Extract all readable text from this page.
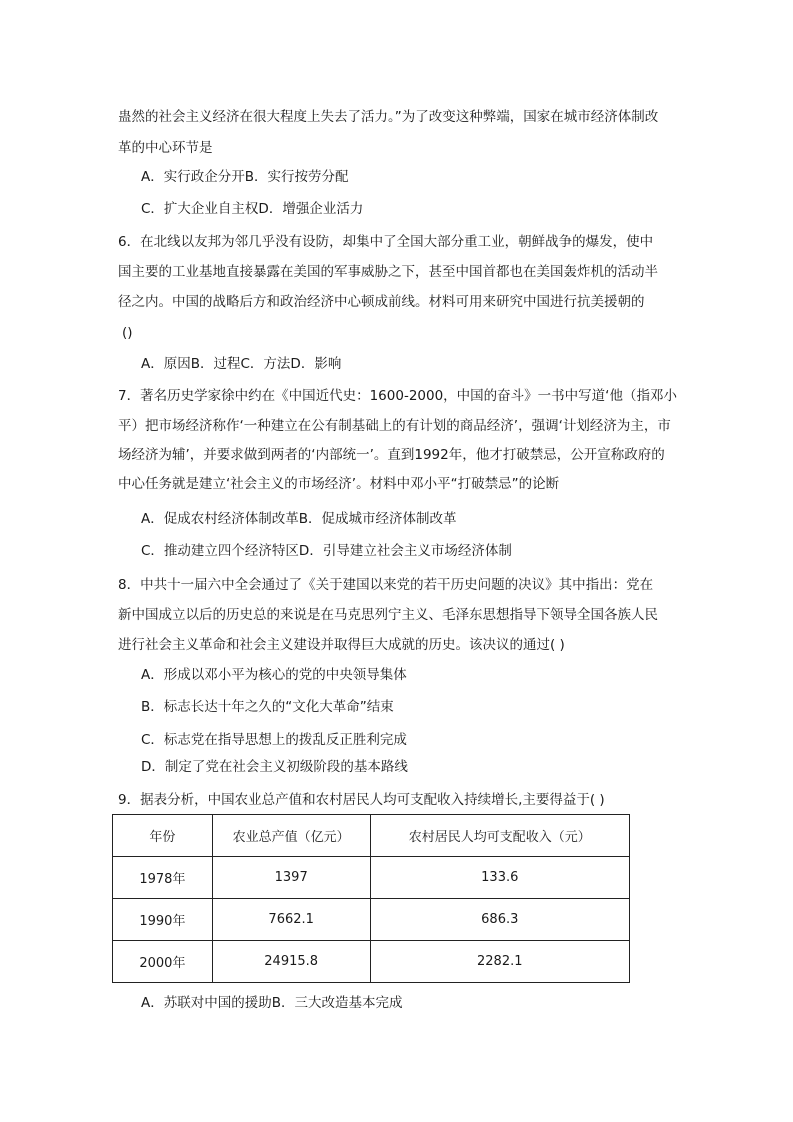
蛊然的社会主义经济在很大程度上失去了活力。”为了改变这种弊端，国家在城市经济体制改
革的中心环节是
A．实行政企分开B．实行按劳分配
C．扩大企业自主权D．增强企业活力
6．在北线以友邦为邻几乎没有设防，却集中了全国大部分重工业，朝鲜战争的爆发，使中
国主要的工业基地直接暴露在美国的军事威胁之下，甚至中国首都也在美国轰炸机的活动半
径之内。中国的战略后方和政治经济中心顿成前线。材料可用来研究中国进行抗美援朝的
()
A．原因B．过程C．方法D．影响
7．著名历史学家徐中约在《中国近代史：1600-2000，中国的奋斗》一书中写道‘他（指邓小
平）把市场经济称作‘一种建立在公有制基础上的有计划的商品经济’，强调‘计划经济为主，市
场经济为辅’，并要求做到两者的‘内部统一’。直到1992年，他才打破禁忌，公开宣称政府的
中心任务就是建立‘社会主义的市场经济’。材料中邓小平“打破禁忌”的论断
A．促成农村经济体制改革B．促成城市经济体制改革
C．推动建立四个经济特区D．引导建立社会主义市场经济体制
8．中共十一届六中全会通过了《关于建国以来党的若干历史问题的决议》其中指出：党在
新中国成立以后的历史总的来说是在马克思列宁主义、毛泽东思想指导下领导全国各族人民
进行社会主义革命和社会主义建设并取得巨大成就的历史。该决议的通过( )
A．形成以邓小平为核心的党的中央领导集体
B．标志长达十年之久的“文化大革命”结束
C．标志党在指导思想上的拨乱反正胜利完成
D．制定了党在社会主义初级阶段的基本路线
9．据表分析，中国农业总产值和农村居民人均可支配收入持续增长,主要得益于( )
年份	农业总产值（亿元）	农村居民人均可支配收入（元）
1978年	1397	133.6
1990年	7662.1	686.3
2000年	24915.8	2282.1
A．苏联对中国的援助B．三大改造基本完成
